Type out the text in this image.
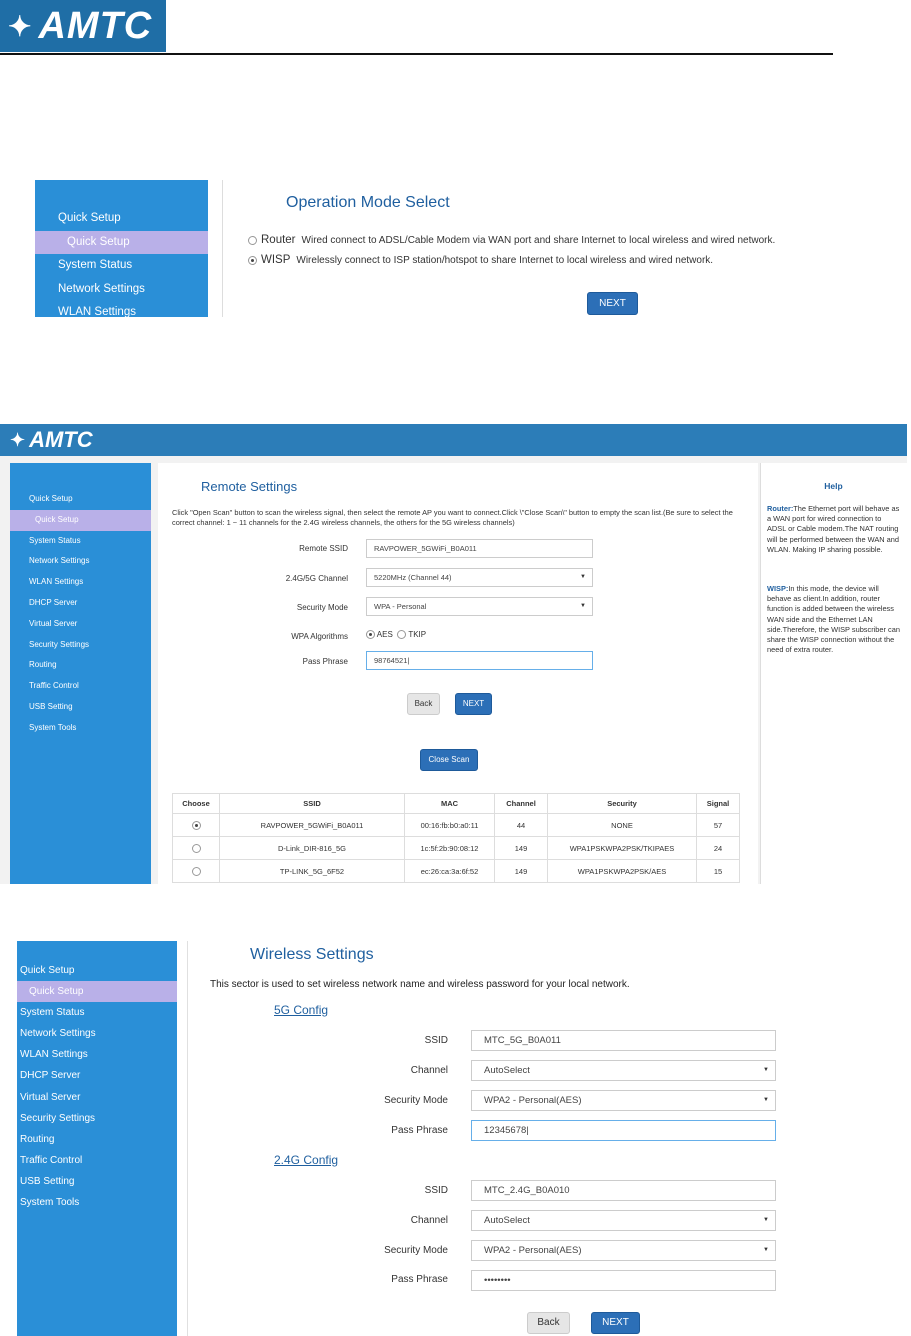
✦ AMTC
Quick Setup
Quick Setup
System Status
Network Settings
WLAN Settings
Operation Mode Select
Router Wired connect to ADSL/Cable Modem via WAN port and share Internet to local wireless and wired network.
WISP Wirelessly connect to ISP station/hotspot to share Internet to local wireless and wired network.
NEXT
✦ AMTC
Quick Setup
Quick Setup
System Status
Network Settings
WLAN Settings
DHCP Server
Virtual Server
Security Settings
Routing
Traffic Control
USB Setting
System Tools
Remote Settings
Click "Open Scan" button to scan the wireless signal, then select the remote AP you want to connect.Click \"Close Scan\" button to empty the scan list.(Be sure to select the correct channel: 1 ~ 11 channels for the 2.4G wireless channels, the others for the 5G wireless channels)
Remote SSID	RAVPOWER_5GWiFi_B0A011
2.4G/5G Channel	5220MHz (Channel 44)	▼
Security Mode	WPA - Personal	▼
WPA Algorithms	AES TKIP
Pass Phrase	98764521|
Back	NEXT
Close Scan
Choose	SSID	MAC	Channel	Security	Signal
	RAVPOWER_5GWiFi_B0A011	00:16:fb:b0:a0:11	44	NONE	57
	D-Link_DIR-816_5G	1c:5f:2b:90:08:12	149	WPA1PSKWPA2PSK/TKIPAES	24
	TP-LINK_5G_6F52	ec:26:ca:3a:6f:52	149	WPA1PSKWPA2PSK/AES	15
Help
Router:The Ethernet port will behave as a WAN port for wired connection to ADSL or Cable modem.The NAT routing will be performed between the WAN and WLAN. Making IP sharing possible.
WISP:In this mode, the device will behave as client.In addition, router function is added between the wireless WAN side and the Ethernet LAN side.Therefore, the WISP subscriber can share the WISP connection without the need of extra router.
Quick Setup
Quick Setup
System Status
Network Settings
WLAN Settings
DHCP Server
Virtual Server
Security Settings
Routing
Traffic Control
USB Setting
System Tools
Wireless Settings
This sector is used to set wireless network name and wireless password for your local network.
5G Config
SSID	MTC_5G_B0A011
Channel	AutoSelect	▼
Security Mode	WPA2 - Personal(AES)	▼
Pass Phrase	12345678|
2.4G Config
SSID	MTC_2.4G_B0A010
Channel	AutoSelect	▼
Security Mode	WPA2 - Personal(AES)	▼
Pass Phrase	••••••••
Back	NEXT
